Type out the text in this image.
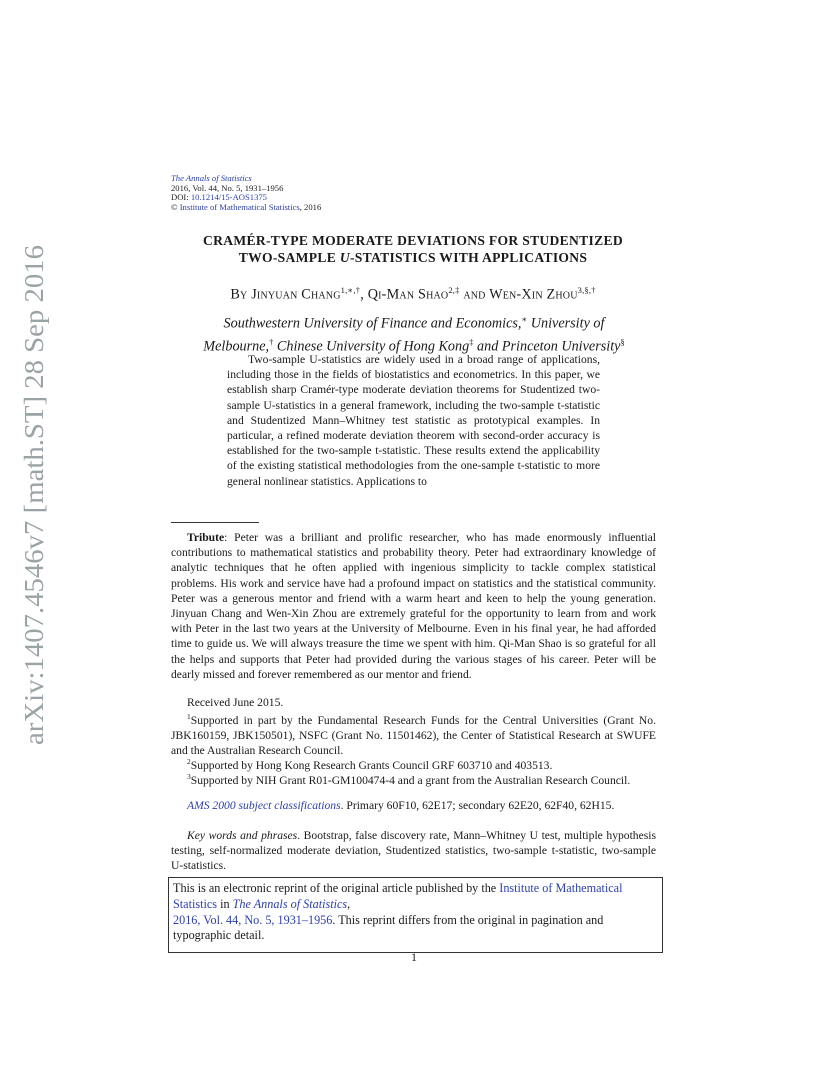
arXiv:1407.4546v7 [math.ST] 28 Sep 2016
The Annals of Statistics
2016, Vol. 44, No. 5, 1931–1956
DOI: 10.1214/15-AOS1375
© Institute of Mathematical Statistics, 2016
CRAMÉR-TYPE MODERATE DEVIATIONS FOR STUDENTIZED
TWO-SAMPLE U-STATISTICS WITH APPLICATIONS
By Jinyuan Chang$^{1,∗,\dagger}$, Qi-Man Shao$^{2,\ddagger}$ and Wen-Xin Zhou$^{3,\S,\dagger}$
Southwestern University of Finance and Economics,∗ University of
Melbourne,† Chinese University of Hong Kong‡ and Princeton University§
Two-sample U-statistics are widely used in a broad range of applications, including those in the fields of biostatistics and econometrics. In this paper, we establish sharp Cramér-type moderate deviation theorems for Studentized two-sample U-statistics in a general framework, including the two-sample t-statistic and Studentized Mann–Whitney test statistic as prototypical examples. In particular, a refined moderate deviation theorem with second-order accuracy is established for the two-sample t-statistic. These results extend the applicability of the existing statistical methodologies from the one-sample t-statistic to more general nonlinear statistics. Applications to
Tribute: Peter was a brilliant and prolific researcher, who has made enormously influential contributions to mathematical statistics and probability theory. Peter had extraordinary knowledge of analytic techniques that he often applied with ingenious simplicity to tackle complex statistical problems. His work and service have had a profound impact on statistics and the statistical community. Peter was a generous mentor and friend with a warm heart and keen to help the young generation. Jinyuan Chang and Wen-Xin Zhou are extremely grateful for the opportunity to learn from and work with Peter in the last two years at the University of Melbourne. Even in his final year, he had afforded time to guide us. We will always treasure the time we spent with him. Qi-Man Shao is so grateful for all the helps and supports that Peter had provided during the various stages of his career. Peter will be dearly missed and forever remembered as our mentor and friend.
Received June 2015.
$^1$Supported in part by the Fundamental Research Funds for the Central Universities (Grant No. JBK160159, JBK150501), NSFC (Grant No. 11501462), the Center of Statistical Research at SWUFE and the Australian Research Council.
$^2$Supported by Hong Kong Research Grants Council GRF 603710 and 403513.
$^3$Supported by NIH Grant R01-GM100474-4 and a grant from the Australian Research Council.
AMS 2000 subject classifications. Primary 60F10, 62E17; secondary 62E20, 62F40, 62H15.
Key words and phrases. Bootstrap, false discovery rate, Mann–Whitney U test, multiple hypothesis testing, self-normalized moderate deviation, Studentized statistics, two-sample t-statistic, two-sample U-statistics.
This is an electronic reprint of the original article published by the Institute of Mathematical Statistics in The Annals of Statistics,
2016, Vol. 44, No. 5, 1931–1956. This reprint differs from the original in pagination and typographic detail.
1
